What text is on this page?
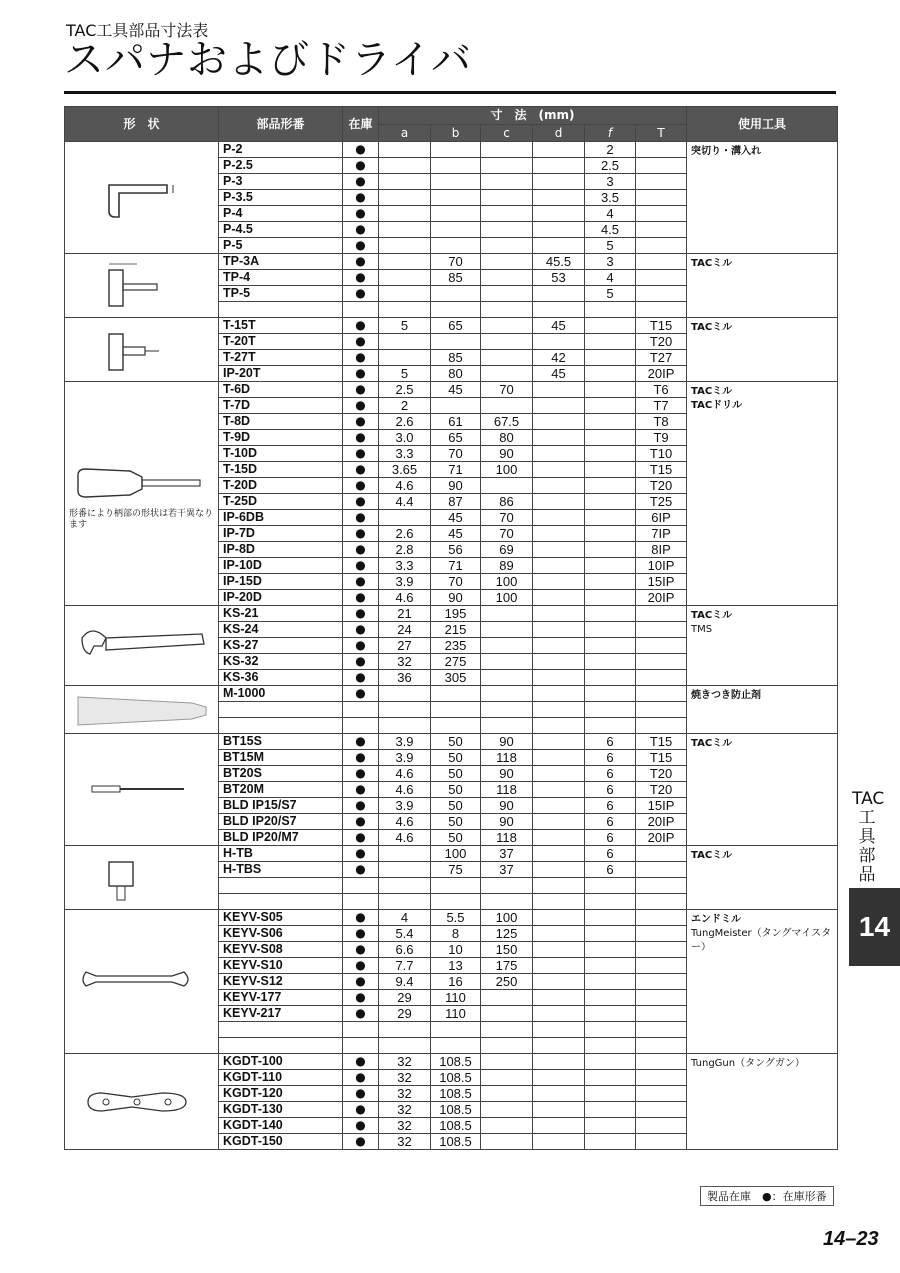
TAC工具部品寸法表
スパナおよびドライバ
形　状	部品形番	在庫	寸　法　(mm)						使用工具
			a	b	c	d	f	T	

	P-2	●					2		突切り・溝入れ

	P-2.5	●					2.5		
	P-3	●					3		
	P-3.5	●					3.5		
	P-4	●					4		
	P-4.5	●					4.5		
	P-5	●					5		

	TP-3A	●		70		45.5	3		TACミル

	TP-4	●		85		53	4		
	TP-5	●					5		

	T-15T	●	5	65		45		T15	TACミル

	T-20T	●						T20	
	T-27T	●		85		42		T27	
	IP-20T	●	5	80		45		20IP	

形番により柄部の形状は若干異なります	T-6D	●	2.5	45	70			T6	TACミル
TACドリル

	T-7D	●	2					T7	
	T-8D	●	2.6	61	67.5			T8	
	T-9D	●	3.0	65	80			T9	
	T-10D	●	3.3	70	90			T10	
	T-15D	●	3.65	71	100			T15	
	T-20D	●	4.6	90				T20	
	T-25D	●	4.4	87	86			T25	
	IP-6DB	●		45	70			6IP	
	IP-7D	●	2.6	45	70			7IP	
	IP-8D	●	2.8	56	69			8IP	
	IP-10D	●	3.3	71	89			10IP	
	IP-15D	●	3.9	70	100			15IP	
	IP-20D	●	4.6	90	100			20IP	

	KS-21	●	21	195					TACミル
TMS

	KS-24	●	24	215					
	KS-27	●	27	235					
	KS-32	●	32	275					
	KS-36	●	36	305					

	M-1000	●							焼きつき防止剤

	BT15S	●	3.9	50	90		6	T15	TACミル

	BT15M	●	3.9	50	118		6	T15	
	BT20S	●	4.6	50	90		6	T20	
	BT20M	●	4.6	50	118		6	T20	
	BLD IP15/S7	●	3.9	50	90		6	15IP	
	BLD IP20/S7	●	4.6	50	90		6	20IP	
	BLD IP20/M7	●	4.6	50	118		6	20IP	

	H-TB	●		100	37		6		TACミル

	H-TBS	●		75	37		6		

	KEYV-S05	●	4	5.5	100				エンドミル
TungMeister（タングマイスター）

	KEYV-S06	●	5.4	8	125				
	KEYV-S08	●	6.6	10	150				
	KEYV-S10	●	7.7	13	175				
	KEYV-S12	●	9.4	16	250				
	KEYV-177	●	29	110					
	KEYV-217	●	29	110					

	KGDT-100	●	32	108.5					TungGun（タングガン）

	KGDT-110	●	32	108.5					
	KGDT-120	●	32	108.5					
	KGDT-130	●	32	108.5					
	KGDT-140	●	32	108.5					
	KGDT-150	●	32	108.5					
TAC工具部品
14
製品在庫　●：在庫形番
14–23
